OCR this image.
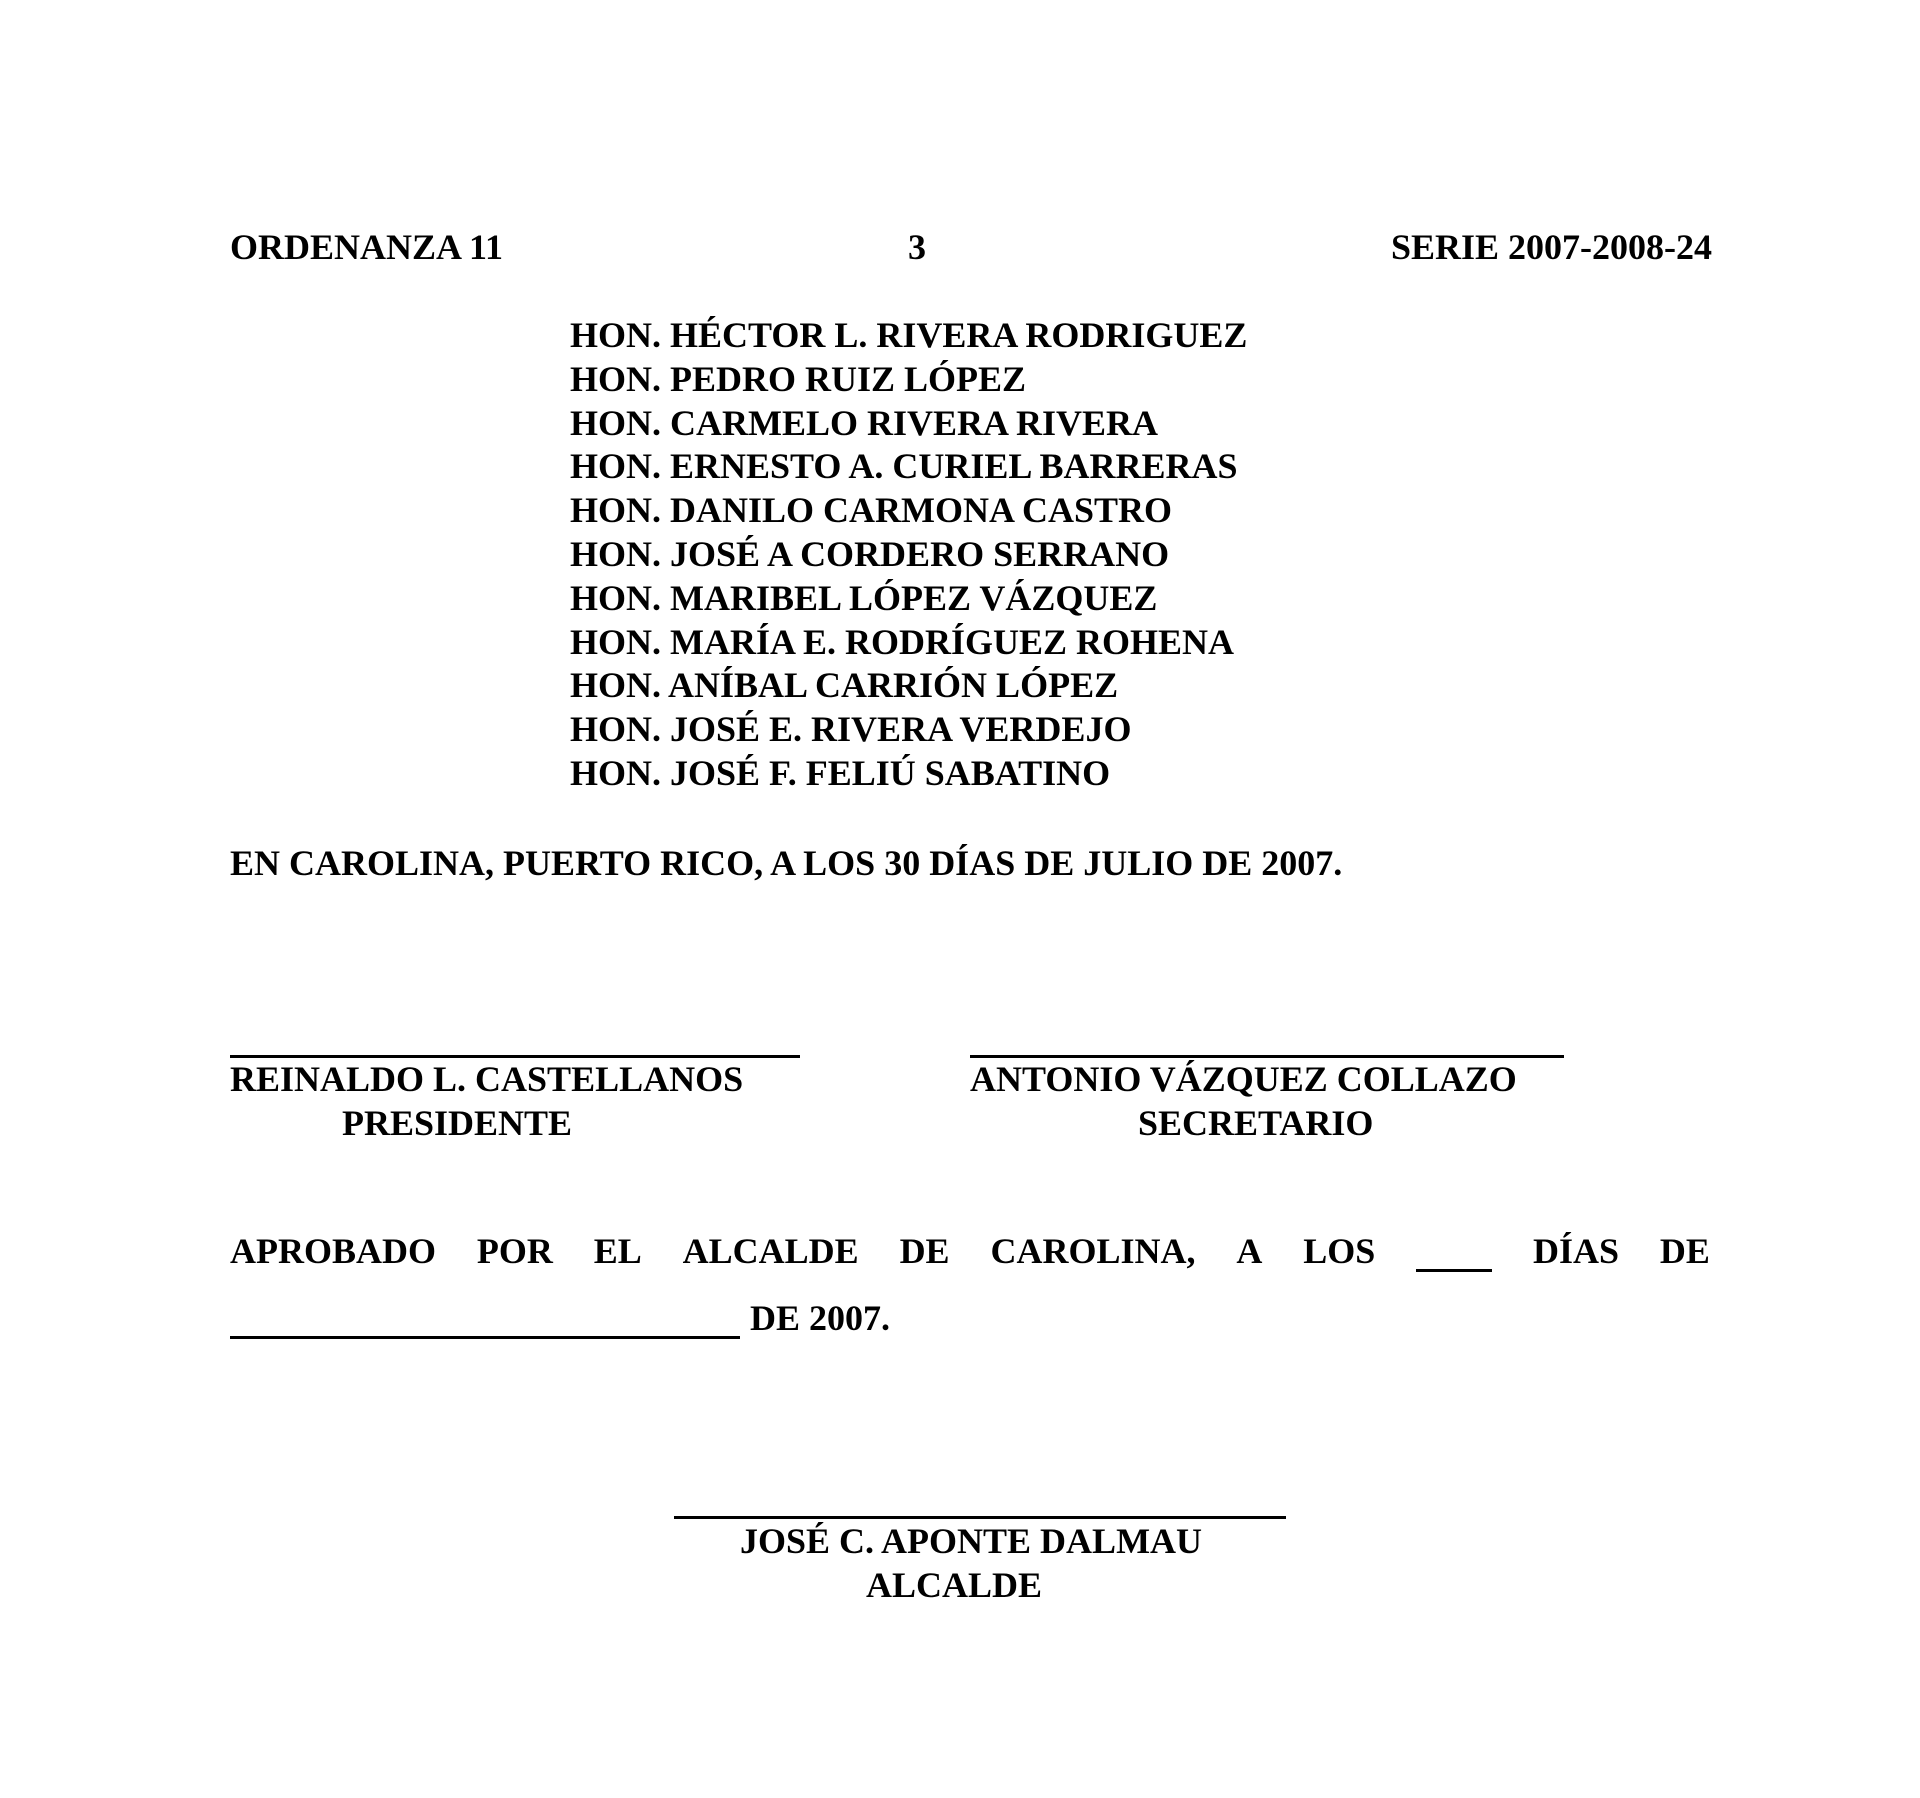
ORDENANZA 11	3	SERIE 2007-2008-24
HON. HÉCTOR L. RIVERA RODRIGUEZ
HON. PEDRO RUIZ LÓPEZ
HON. CARMELO RIVERA RIVERA
HON. ERNESTO A. CURIEL BARRERAS
HON. DANILO CARMONA CASTRO
HON. JOSÉ A CORDERO SERRANO
HON. MARIBEL LÓPEZ VÁZQUEZ
HON. MARÍA E. RODRÍGUEZ ROHENA
HON. ANÍBAL CARRIÓN LÓPEZ
HON. JOSÉ E. RIVERA VERDEJO
HON. JOSÉ F. FELIÚ SABATINO
EN CAROLINA, PUERTO RICO, A LOS 30 DÍAS DE JULIO DE 2007.
REINALDO L. CASTELLANOS
PRESIDENTE
ANTONIO VÁZQUEZ COLLAZO
SECRETARIO
APROBADO POR EL ALCALDE DE CAROLINA, A LOS	DÍAS DE
DE 2007.
JOSÉ C. APONTE DALMAU
ALCALDE
